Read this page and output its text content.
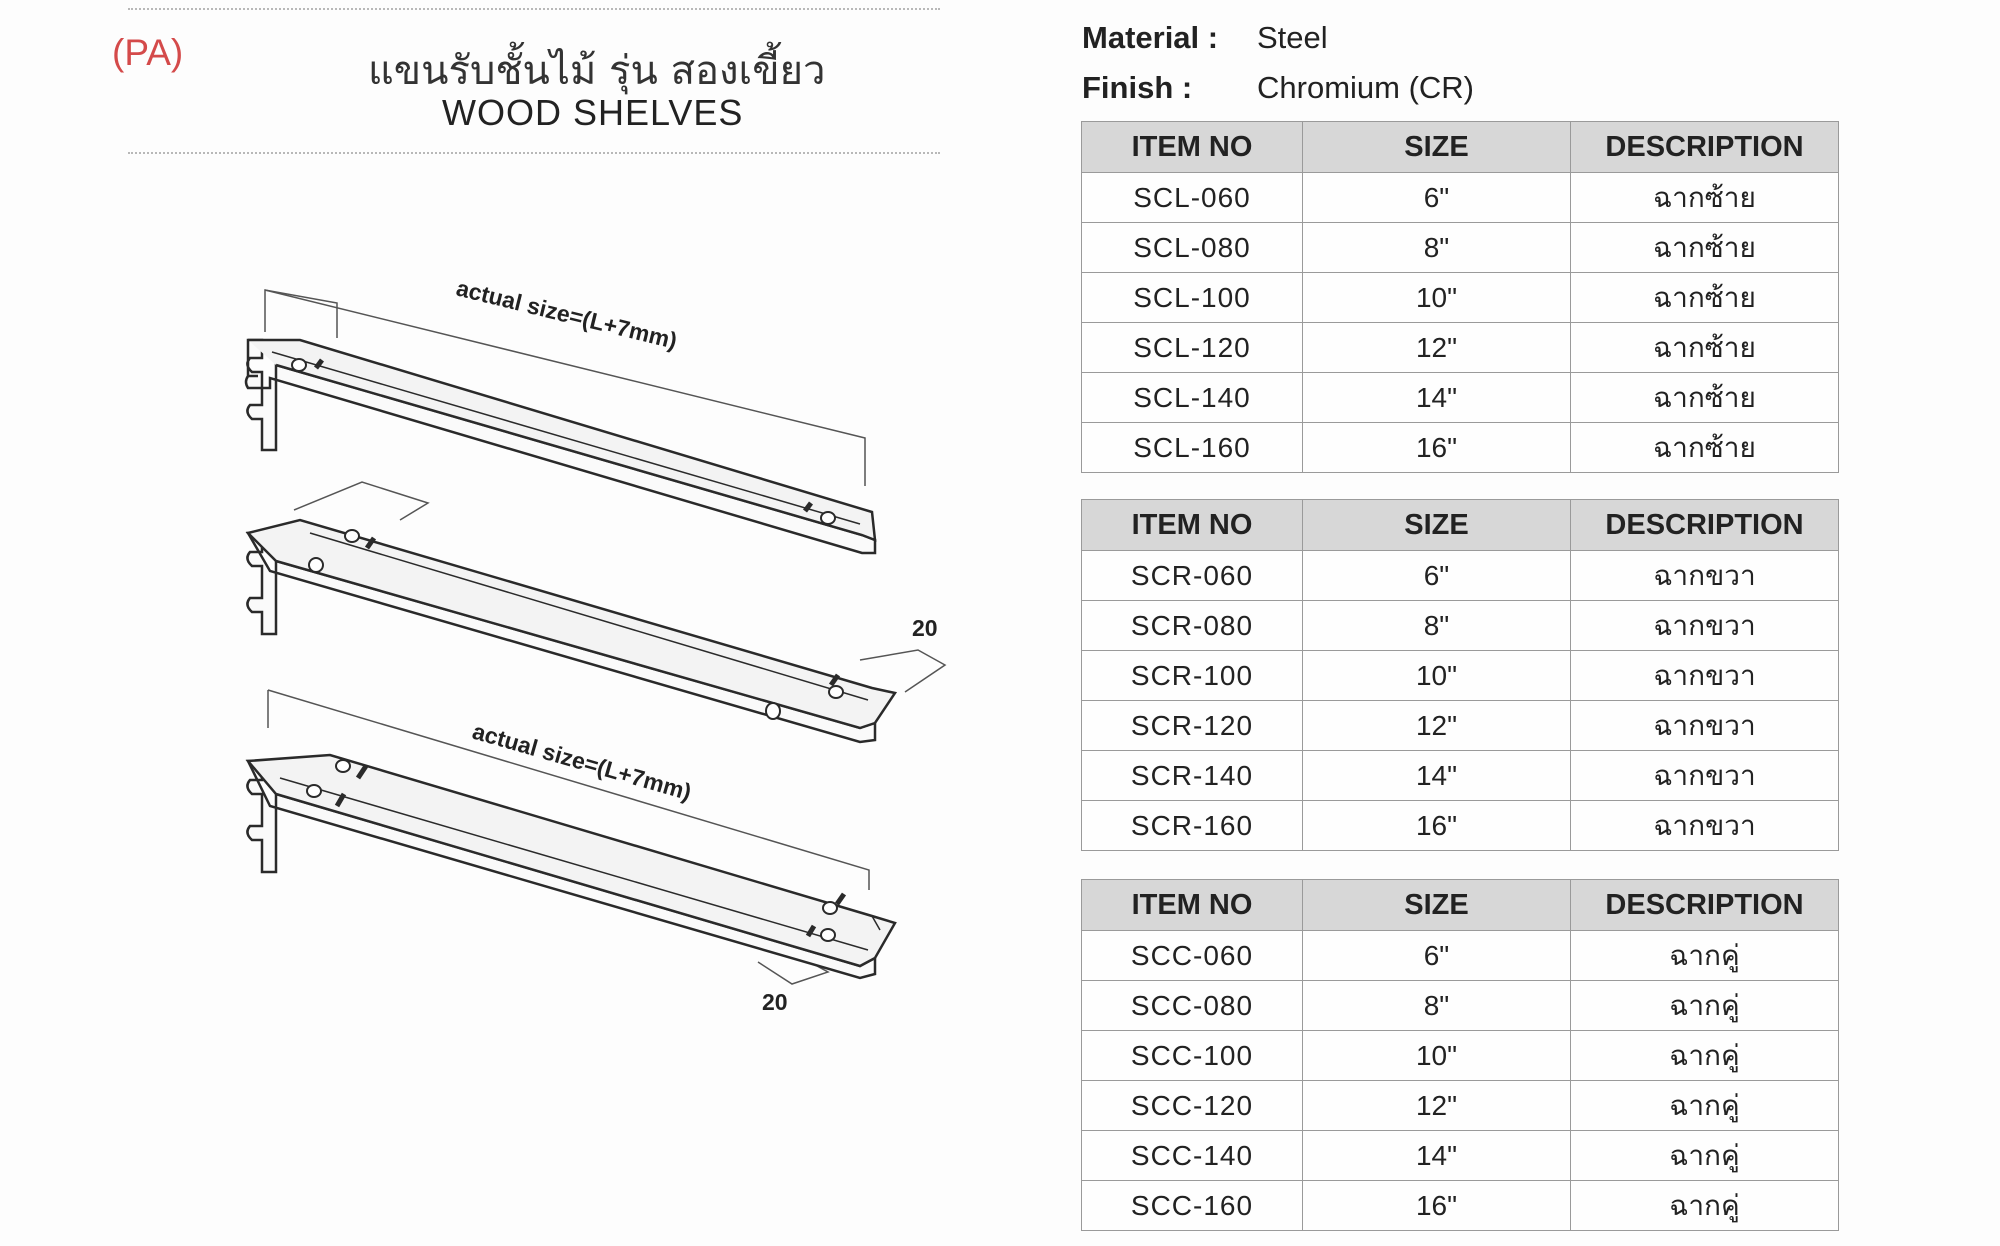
(PA)	แขนรับชั้นไม้ รุ่น สองเขี้ยว
WOOD SHELVES
Material : Steel
Finish : Chromium (CR)
actual size=(L+7mm)
actual size=(L+7mm)
20
20
ITEM NO	SIZE	DESCRIPTION
SCL-060	6"	ฉากซ้าย
SCL-080	8"	ฉากซ้าย
SCL-100	10"	ฉากซ้าย
SCL-120	12"	ฉากซ้าย
SCL-140	14"	ฉากซ้าย
SCL-160	16"	ฉากซ้าย
ITEM NO	SIZE	DESCRIPTION
SCR-060	6"	ฉากขวา
SCR-080	8"	ฉากขวา
SCR-100	10"	ฉากขวา
SCR-120	12"	ฉากขวา
SCR-140	14"	ฉากขวา
SCR-160	16"	ฉากขวา
ITEM NO	SIZE	DESCRIPTION
SCC-060	6"	ฉากคู่
SCC-080	8"	ฉากคู่
SCC-100	10"	ฉากคู่
SCC-120	12"	ฉากคู่
SCC-140	14"	ฉากคู่
SCC-160	16"	ฉากคู่
